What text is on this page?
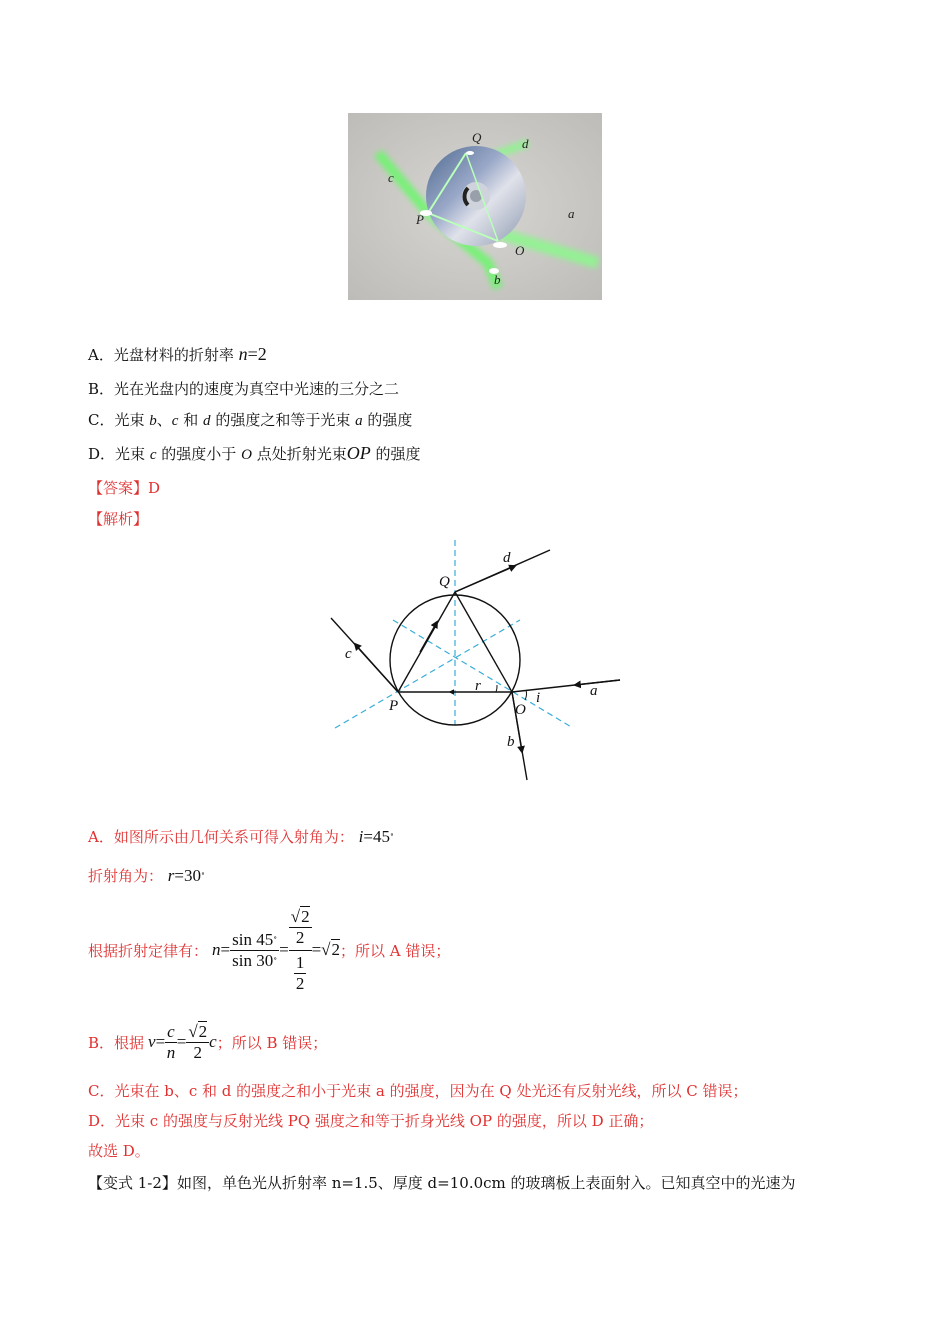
Q	d
c
P	a
O
b
A．光盘材料的折射率 n=2
B．光在光盘内的速度为真空中光速的三分之二
C．光束 b、c 和 d 的强度之和等于光束 a 的强度
D．光束 c 的强度小于 O 点处折射光束OP 的强度
【答案】D
【解析】
d
Q
c
r	a
i
P	O
b
A．如图所示由几何关系可得入射角为： i=45∘
折射角为： r=30∘
根据折射定律有： $n = \frac{\sin 45^\circ}{\sin 30^\circ} = \frac{\frac{√2}{2}}{\frac{1}{2}} = √2$ ；所以 A 错误；
B．根据 $v = \frac{c}{n} = \frac{√2}{2}$ c ；所以 B 错误；
C．光束在 b、c 和 d 的强度之和小于光束 a 的强度，因为在 Q 处光还有反射光线，所以 C 错误；
D．光束 c 的强度与反射光线 PQ 强度之和等于折身光线 OP 的强度，所以 D 正确；
故选 D。
【变式 1-2】如图，单色光从折射率 n=1.5、厚度 d=10.0cm 的玻璃板上表面射入。已知真空中的光速为
